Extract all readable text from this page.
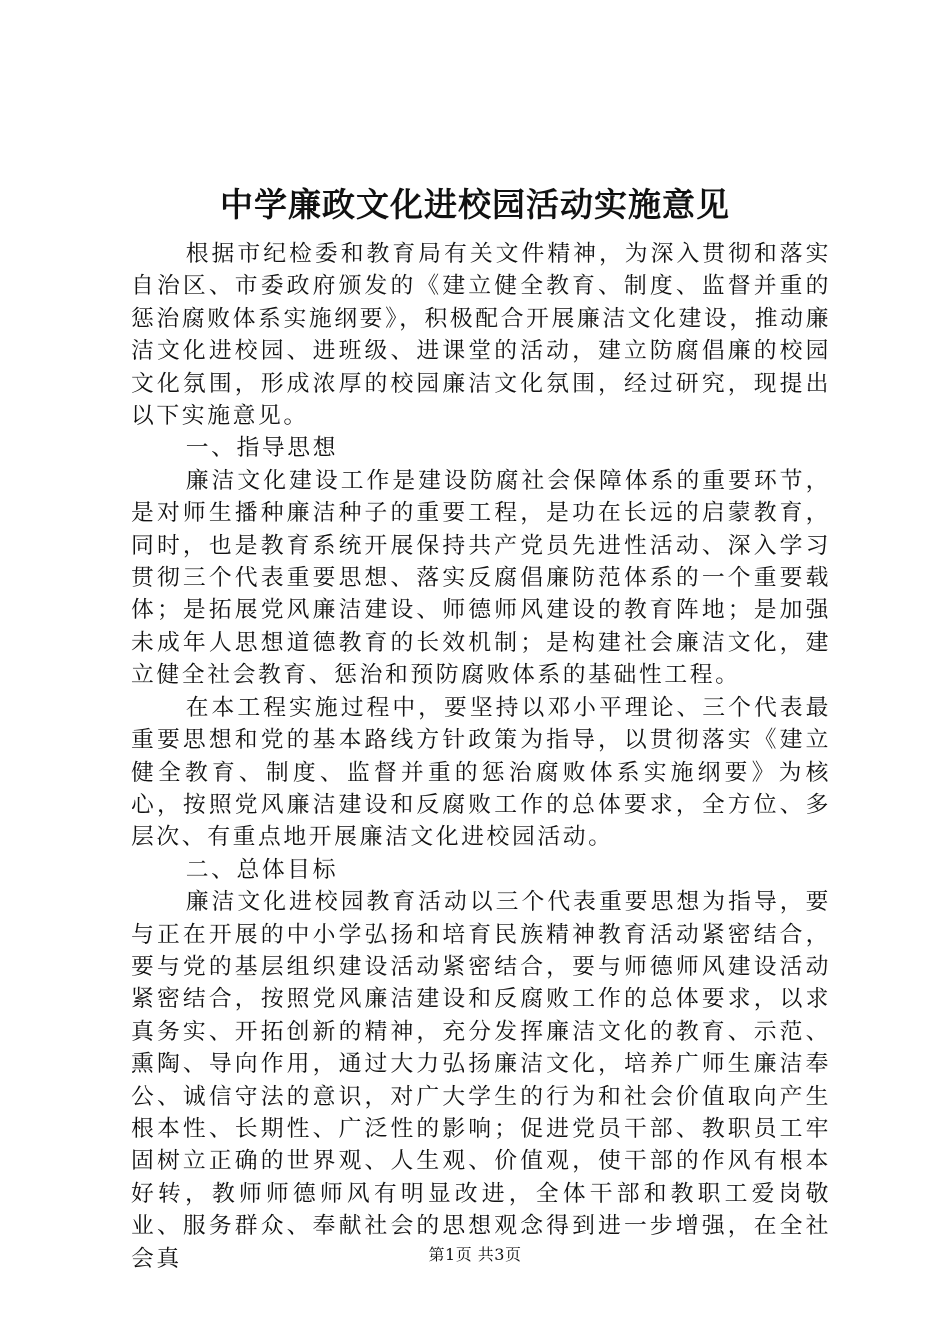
中学廉政文化进校园活动实施意见

根据市纪检委和教育局有关文件精神，为深入贯彻和落实自治区、市委政府颁发的《建立健全教育、制度、监督并重的惩治腐败体系实施纲要》，积极配合开展廉洁文化建设，推动廉洁文化进校园、进班级、进课堂的活动，建立防腐倡廉的校园文化氛围，形成浓厚的校园廉洁文化氛围，经过研究，现提出以下实施意见。

一、指导思想

廉洁文化建设工作是建设防腐社会保障体系的重要环节，是对师生播种廉洁种子的重要工程，是功在长远的启蒙教育，同时，也是教育系统开展保持共产党员先进性活动、深入学习贯彻三个代表重要思想、落实反腐倡廉防范体系的一个重要载体；是拓展党风廉洁建设、师德师风建设的教育阵地；是加强未成年人思想道德教育的长效机制；是构建社会廉洁文化，建立健全社会教育、惩治和预防腐败体系的基础性工程。

在本工程实施过程中，要坚持以邓小平理论、三个代表最重要思想和党的基本路线方针政策为指导，以贯彻落实《建立健全教育、制度、监督并重的惩治腐败体系实施纲要》为核心，按照党风廉洁建设和反腐败工作的总体要求，全方位、多层次、有重点地开展廉洁文化进校园活动。

二、总体目标

廉洁文化进校园教育活动以三个代表重要思想为指导，要与正在开展的中小学弘扬和培育民族精神教育活动紧密结合，要与党的基层组织建设活动紧密结合，要与师德师风建设活动紧密结合，按照党风廉洁建设和反腐败工作的总体要求，以求真务实、开拓创新的精神，充分发挥廉洁文化的教育、示范、熏陶、导向作用，通过大力弘扬廉洁文化，培养广师生廉洁奉公、诚信守法的意识，对广大学生的行为和社会价值取向产生根本性、长期性、广泛性的影响；促进党员干部、教职员工牢固树立正确的世界观、人生观、价值观，使干部的作风有根本好转，教师师德师风有明显改进，全体干部和教职工爱岗敬业、服务群众、奉献社会的思想观念得到进一步增强，在全社会真	第1页 共3页
